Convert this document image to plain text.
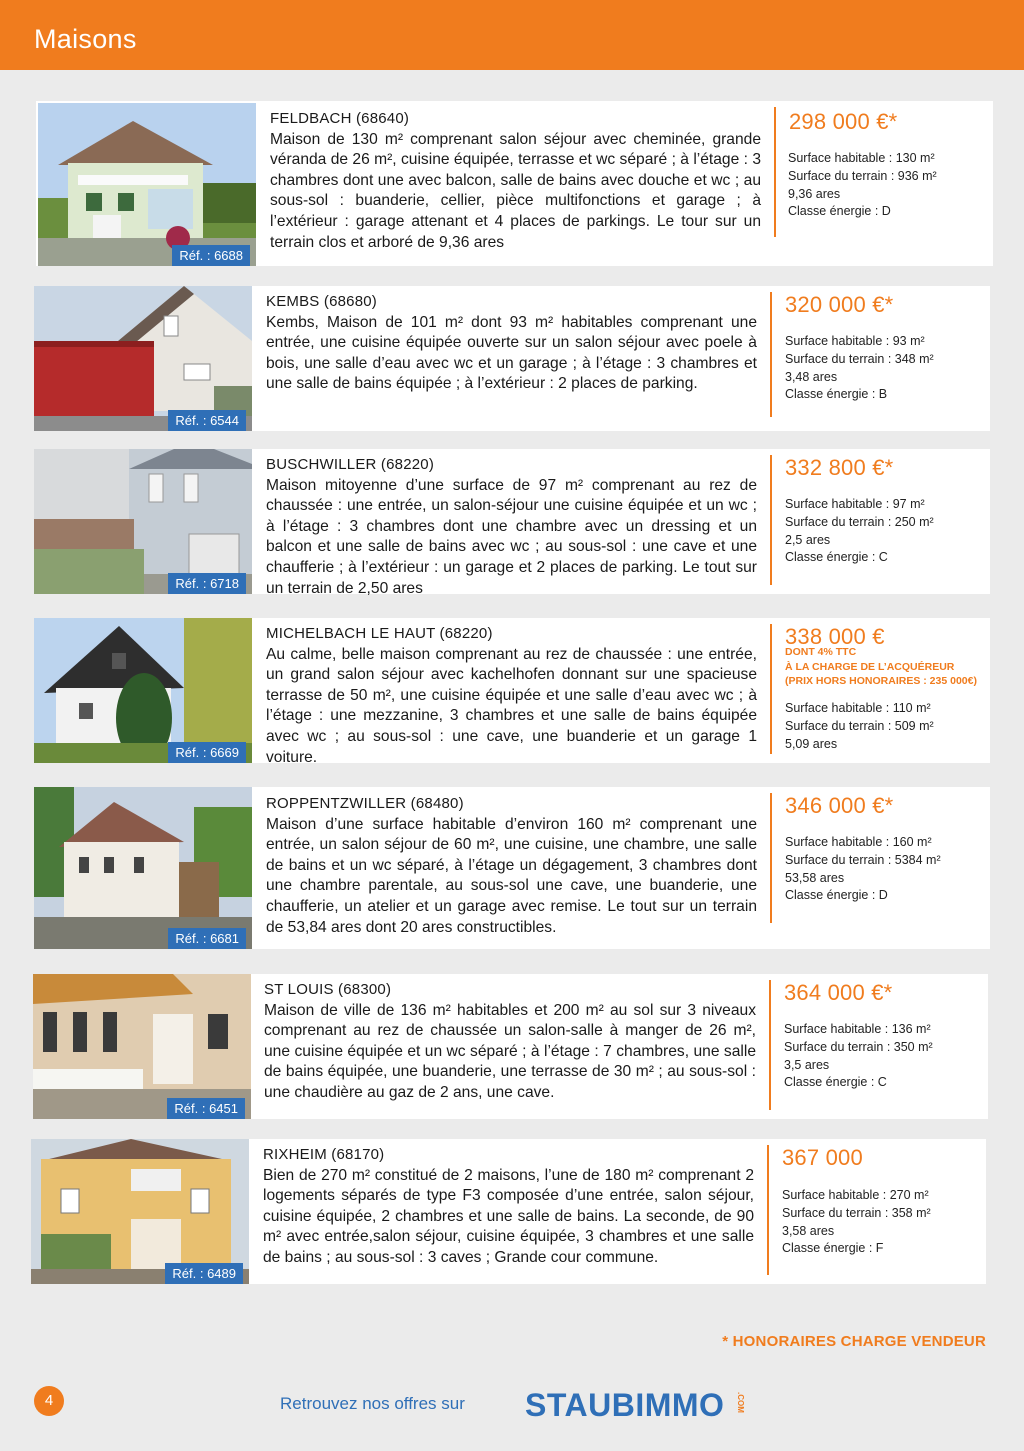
Maisons
Réf. : 6688
FELDBACH (68640)
Maison de 130 m² comprenant salon séjour avec cheminée, grande véranda de 26 m², cuisine équipée, terrasse et wc séparé ; à l’étage : 3 chambres dont une avec balcon, salle de bains avec douche et wc ; au sous-sol : buanderie, cellier, pièce multifonctions et garage ; à l’extérieur : garage attenant et 4 places de parkings. Le tour sur un terrain clos et arboré de 9,36 ares
298 000 €*
Surface habitable : 130 m²
Surface du terrain : 936 m²
9,36 ares
Classe énergie : D
Réf. : 6544
KEMBS (68680)
Kembs, Maison de 101 m² dont 93 m² habitables comprenant une entrée, une cuisine équipée ouverte sur un salon séjour avec poele à bois, une salle d’eau avec wc et un garage ; à l’étage : 3 chambres et une salle de bains équipée ; à l’extérieur : 2 places de parking.
320 000 €*
Surface habitable : 93 m²
Surface du terrain : 348 m²
3,48 ares
Classe énergie : B
Réf. : 6718
BUSCHWILLER (68220)
Maison mitoyenne d’une surface de 97 m² comprenant au rez de chaussée : une entrée, un salon-séjour une cuisine équipée et un wc ; à l’étage : 3 chambres dont une chambre avec un dressing et un balcon et une salle de bains avec wc ; au sous-sol : une cave et une chaufferie ; à l’extérieur : un garage et 2 places de parking. Le tout sur un terrain de 2,50 ares
332 800 €*
Surface habitable : 97 m²
Surface du terrain : 250 m²
2,5 ares
Classe énergie : C
Réf. : 6669
MICHELBACH LE HAUT (68220)
Au calme, belle maison comprenant au rez de chaussée : une entrée, un grand salon séjour avec kachelhofen donnant sur une spacieuse terrasse de 50 m², une cuisine équipée et une salle d’eau avec wc ; à l’étage : une mezzanine, 3 chambres et une salle de bains équipée avec wc ; au sous-sol : une cave, une buanderie et un garage 1 voiture.
338 000 €
DONT 4% TTC
À LA CHARGE DE L’ACQUÉREUR
(PRIX HORS HONORAIRES : 235 000€)
Surface habitable : 110 m²
Surface du terrain : 509 m²
5,09 ares
Réf. : 6681
ROPPENTZWILLER (68480)
Maison d’une surface habitable d’environ 160 m² comprenant une entrée, un salon séjour de 60 m², une cuisine, une chambre, une salle de bains et un wc séparé, à l’étage un dégagement, 3 chambres dont une chambre parentale, au sous-sol une cave, une buanderie, une chaufferie, un atelier et un garage avec remise. Le tout sur un terrain de 53,84 ares dont 20 ares constructibles.
346 000 €*
Surface habitable : 160 m²
Surface du terrain : 5384 m²
53,58 ares
Classe énergie : D
Réf. : 6451
ST LOUIS (68300)
Maison de ville de 136 m² habitables et 200 m² au sol sur 3 niveaux comprenant au rez de chaussée un salon-salle à manger de 26 m², une cuisine équipée et un wc séparé ; à l’étage : 7 chambres, une salle de bains équipée, une buanderie, une terrasse de 30 m² ; au sous-sol : une chaudière au gaz de 2 ans, une cave.
364 000 €*
Surface habitable : 136 m²
Surface du terrain : 350 m²
3,5 ares
Classe énergie : C
Réf. : 6489
RIXHEIM (68170)
Bien de 270 m² constitué de 2 maisons, l’une de 180 m² comprenant 2 logements séparés de type F3 composée d’une entrée, salon séjour, cuisine équipée, 2 chambres et une salle de bains. La seconde, de 90 m² avec entrée,salon séjour, cuisine équipée, 3 chambres et une salle de bains ; au sous-sol : 3 caves ; Grande cour commune.
367 000
Surface habitable : 270 m²
Surface du terrain : 358 m²
3,58 ares
Classe énergie : F
* HONORAIRES CHARGE VENDEUR
4	Retrouvez nos offres sur STAUBIMMO .COM
